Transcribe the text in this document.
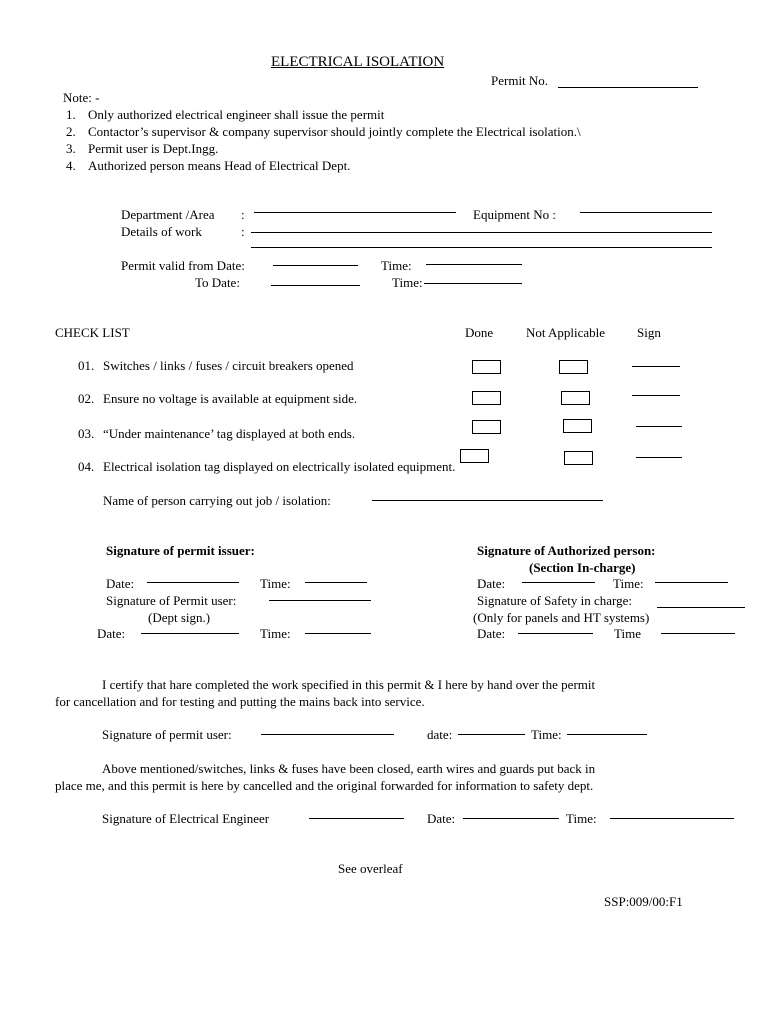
ELECTRICAL ISOLATION
Permit No.
Note: -
1. Only authorized electrical engineer shall issue the permit
2. Contactor’s supervisor & company supervisor should jointly complete the Electrical isolation.\
3. Permit user is Dept.Ingg.
4. Authorized person means Head of Electrical Dept.
Department /Area :	Equipment No :
Details of work	:
Permit valid from Date:	Time:
To Date:	Time:
CHECK LIST	Done	Not Applicable Sign
01. Switches / links / fuses / circuit breakers opened
02. Ensure no voltage is available at equipment side.
03. “Under maintenance’ tag displayed at both ends.
04. Electrical isolation tag displayed on electrically isolated equipment.
Name of person carrying out job / isolation:
Signature of permit issuer:	Signature of Authorized person:
(Section In-charge)
Date:	Time:	Date:	Time:
Signature of Permit user:	Signature of Safety in charge:
(Dept sign.)	(Only for panels and HT systems)
Date:	Time:	Date:	Time
I certify that hare completed the work specified in this permit & I here by hand over the permit
for cancellation and for testing and putting the mains back into service.
Signature of permit user:	date:	Time:
Above mentioned/switches, links & fuses have been closed, earth wires and guards put back in
place me, and this permit is here by cancelled and the original forwarded for information to safety dept.
Signature of Electrical Engineer	Date:	Time:
See overleaf
SSP:009/00:F1
